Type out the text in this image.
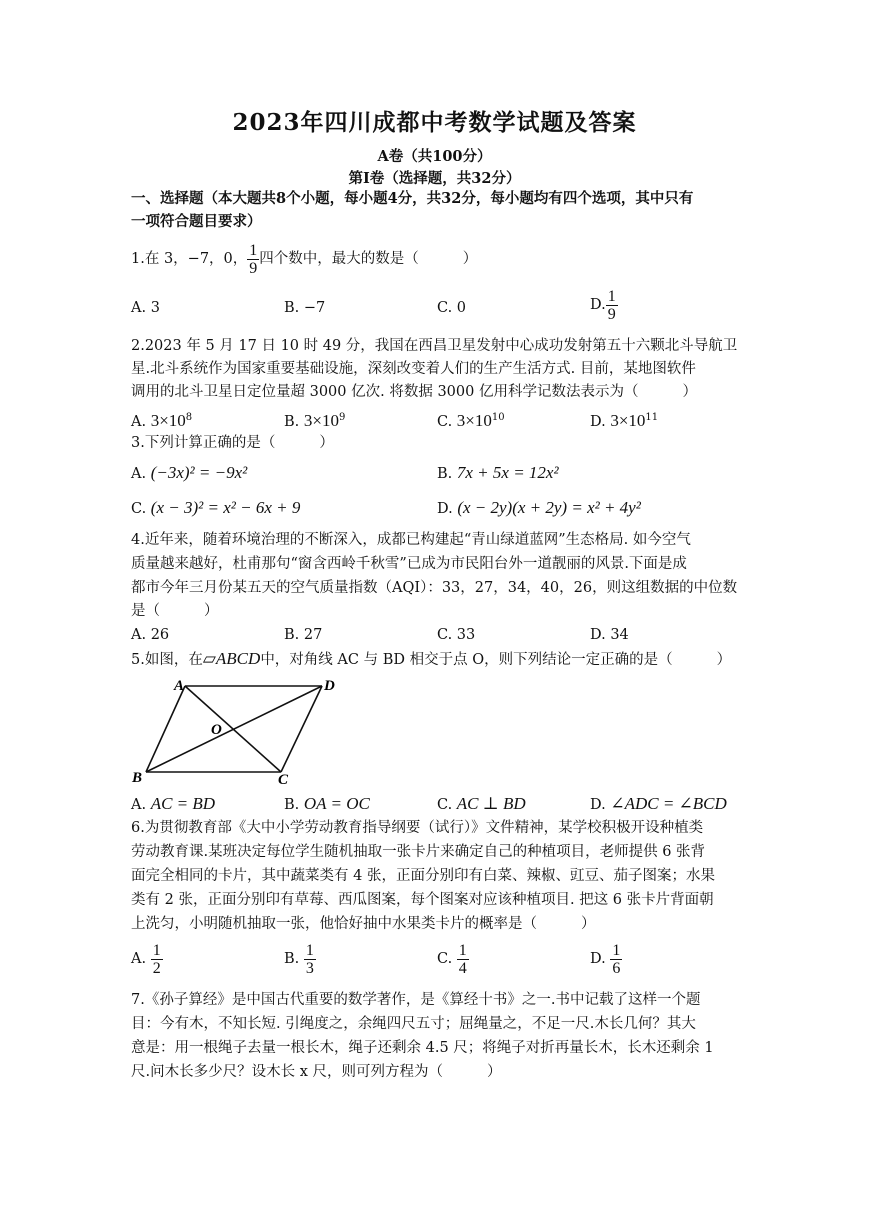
2023年四川成都中考数学试题及答案
A卷（共100分）
第Ⅰ卷（选择题，共32分）
一、选择题（本大题共8个小题，每小题4分，共32分，每小题均有四个选项，其中只有
一项符合题目要求）
1.在 3，−7，0， $\frac{1}{9}$ 四个数中，最大的数是（	）
A. 3	B. −7	C. 0	D. $\frac{1}{9}$
2.2023 年 5 月 17 日 10 时 49 分，我国在西昌卫星发射中心成功发射第五十六颗北斗导航卫
星.北斗系统作为国家重要基础设施，深刻改变着人们的生产生活方式. 目前，某地图软件
调用的北斗卫星日定位量超 3000 亿次. 将数据 3000 亿用科学记数法表示为（	）
A. $3\times 10^8$	B. $3\times 10^9$	C. $3\times 10^{10}$	D. $3\times 10^{11}$
3.下列计算正确的是（	）
A. (−3x)² = −9x²	B. 7x + 5x = 12x²
C. (x − 3)² = x² − 6x + 9	D. (x − 2y)(x + 2y) = x² + 4y²
4.近年来，随着环境治理的不断深入，成都已构建起“青山绿道蓝网”生态格局. 如今空气
质量越来越好，杜甫那句“窗含西岭千秋雪”已成为市民阳台外一道靓丽的风景.下面是成
都市今年三月份某五天的空气质量指数（AQI）：33，27，34，40，26，则这组数据的中位数
是（	）
A. 26	B. 27	C. 33	D. 34
5.如图，在▱ABCD中，对角线 AC 与 BD 相交于点 O，则下列结论一定正确的是（	）
A	D
B	C
O
A. AC = BD	B. OA = OC	C. AC ⊥ BD	D. ∠ADC = ∠BCD
6.为贯彻教育部《大中小学劳动教育指导纲要（试行）》文件精神，某学校积极开设种植类
劳动教育课.某班决定每位学生随机抽取一张卡片来确定自己的种植项目，老师提供 6 张背
面完全相同的卡片，其中蔬菜类有 4 张，正面分别印有白菜、辣椒、豇豆、茄子图案；水果
类有 2 张，正面分别印有草莓、西瓜图案，每个图案对应该种植项目. 把这 6 张卡片背面朝
上洗匀，小明随机抽取一张，他恰好抽中水果类卡片的概率是（	）
A. $\frac{1}{2}$	B. $\frac{1}{3}$	C. $\frac{1}{4}$	D. $\frac{1}{6}$
7.《孙子算经》是中国古代重要的数学著作，是《算经十书》之一.书中记载了这样一个题
目：今有木，不知长短. 引绳度之，余绳四尺五寸；屈绳量之，不足一尺.木长几何？其大
意是：用一根绳子去量一根长木，绳子还剩余 4.5 尺；将绳子对折再量长木，长木还剩余 1
尺.问木长多少尺？设木长 x 尺，则可列方程为（	）
